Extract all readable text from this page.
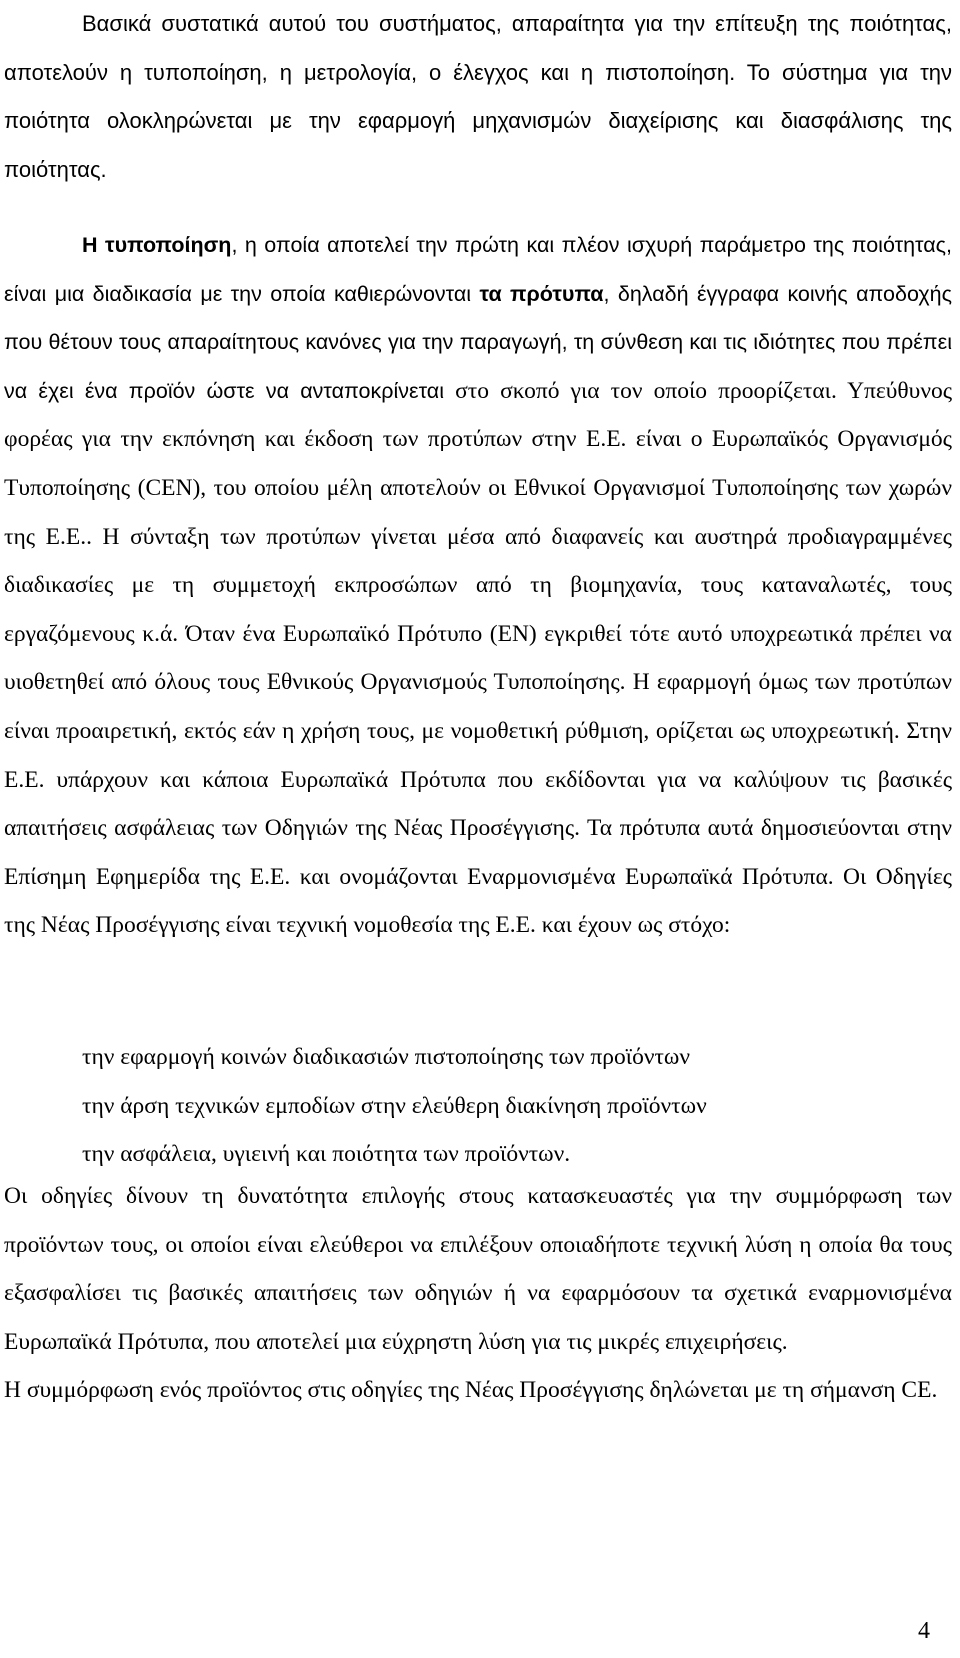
Βασικά συστατικά αυτού του συστήματος, απαραίτητα για την επίτευξη της ποιότητας, αποτελούν η τυποποίηση, η μετρολογία, ο έλεγχος και η πιστοποίηση. Το σύστημα για την ποιότητα ολοκληρώνεται με την εφαρμογή μηχανισμών διαχείρισης και διασφάλισης της ποιότητας.

Η τυποποίηση, η οποία αποτελεί την πρώτη και πλέον ισχυρή παράμετρο της ποιότητας, είναι μια διαδικασία με την οποία καθιερώνονται τα πρότυπα, δηλαδή έγγραφα κοινής αποδοχής που θέτουν τους απαραίτητους κανόνες για την παραγωγή, τη σύνθεση και τις ιδιότητες που πρέπει να έχει ένα προϊόν ώστε να ανταποκρίνεται στο σκοπό για τον οποίο προορίζεται. Υπεύθυνος φορέας για την εκπόνηση και έκδοση των προτύπων στην Ε.Ε. είναι ο Ευρωπαϊκός Οργανισμός Τυποποίησης (CEN), του οποίου μέλη αποτελούν οι Εθνικοί Οργανισμοί Τυποποίησης των χωρών της Ε.Ε.. Η σύνταξη των προτύπων γίνεται μέσα από διαφανείς και αυστηρά προδιαγραμμένες διαδικασίες με τη συμμετοχή εκπροσώπων από τη βιομηχανία, τους καταναλωτές, τους εργαζόμενους κ.ά. Όταν ένα Ευρωπαϊκό Πρότυπο (ΕΝ) εγκριθεί τότε αυτό υποχρεωτικά πρέπει να υιοθετηθεί από όλους τους Εθνικούς Οργανισμούς Τυποποίησης. Η εφαρμογή όμως των προτύπων είναι προαιρετική, εκτός εάν η χρήση τους, με νομοθετική ρύθμιση, ορίζεται ως υποχρεωτική. Στην Ε.Ε. υπάρχουν και κάποια Ευρωπαϊκά Πρότυπα που εκδίδονται για να καλύψουν τις βασικές απαιτήσεις ασφάλειας των Οδηγιών της Νέας Προσέγγισης. Τα πρότυπα αυτά δημοσιεύονται στην Επίσημη Εφημερίδα της Ε.Ε. και ονομάζονται Εναρμονισμένα Ευρωπαϊκά Πρότυπα. Οι Οδηγίες της Νέας Προσέγγισης είναι τεχνική νομοθεσία της Ε.Ε. και έχουν ως στόχο:

την εφαρμογή κοινών διαδικασιών πιστοποίησης των προϊόντων
την άρση τεχνικών εμποδίων στην ελεύθερη διακίνηση προϊόντων
την ασφάλεια, υγιεινή και ποιότητα των προϊόντων.

Οι οδηγίες δίνουν τη δυνατότητα επιλογής στους κατασκευαστές για την συμμόρφωση των προϊόντων τους, οι οποίοι είναι ελεύθεροι να επιλέξουν οποιαδήποτε τεχνική λύση η οποία θα τους εξασφαλίσει τις βασικές απαιτήσεις των οδηγιών ή να εφαρμόσουν τα σχετικά εναρμονισμένα Ευρωπαϊκά Πρότυπα, που αποτελεί μια εύχρηστη λύση για τις μικρές επιχειρήσεις.

Η συμμόρφωση ενός προϊόντος στις οδηγίες της Νέας Προσέγγισης δηλώνεται με τη σήμανση CE.

4
